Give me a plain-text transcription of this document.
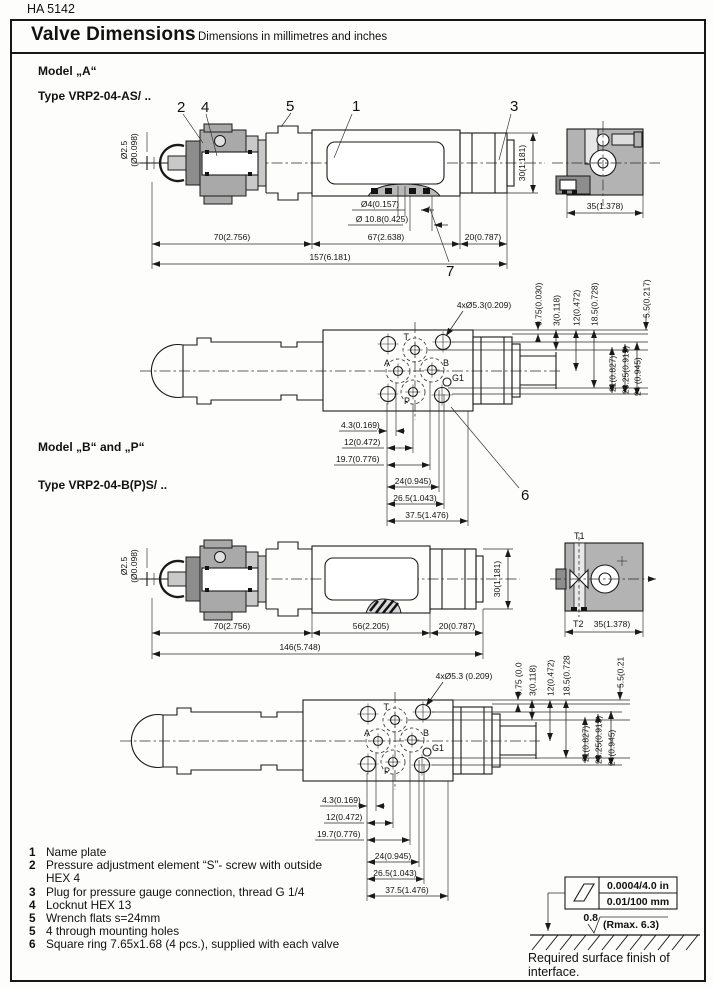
HA 5142
Valve Dimensions Dimensions in millimetres and inches
Model „A“
Type VRP2-04-AS/ ..
Model „B“ and „P“
Type VRP2-04-B(P)S/ ..
2 4	5	1	3
7
Ø2.5 (Ø0.098)
Ø4(0.157)
Ø 10.8(0.425)
70(2.756)	67(2.638)	20(0.787)
157(6.181)
30(1.181)
35(1.378)
T
A	B
G1
P
4xØ5.3(0.209)	0.75(0.030) 3(0.118) 12(0.472) 18.5(0.728)	5.5(0.217)
21(0.827) 23.25(0.915) 24 (0.945)
4.3(0.169)
12(0.472)
19.7(0.776)
24(0.945)
26.5(1.043)
37.5(1.476)
6
Ø2.5 (Ø0.098)
70(2.756)	56(2.205)	20(0.787)
146(5.748)
30(1.181)
T1
T2 35(1.378)
T
A	B
G1
P
4xØ5.3 (0.209) 0.75 (0.0 3(0.118) 12(0.472) 18.5(0.728	5.5(0.21
21(0.827) 23.25(0.915) 24(0.945)
4.3(0.169)
12(0.472)
19.7(0.776)
24(0.945)
26.5(1.043)
37.5(1.476)	0.0004/4.0 in
0.01/100 mm
0.8
(Rmax. 6.3)
1 Name plate
2 Pressure adjustment element “S”- screw with outside HEX 4
3 Plug for pressure gauge connection, thread G 1/4
4 Locknut HEX 13
5 Wrench flats s=24mm
5 4 through mounting holes
6 Square ring 7.65x1.68 (4 pcs.), supplied with each valve
Required surface finish of interface.
